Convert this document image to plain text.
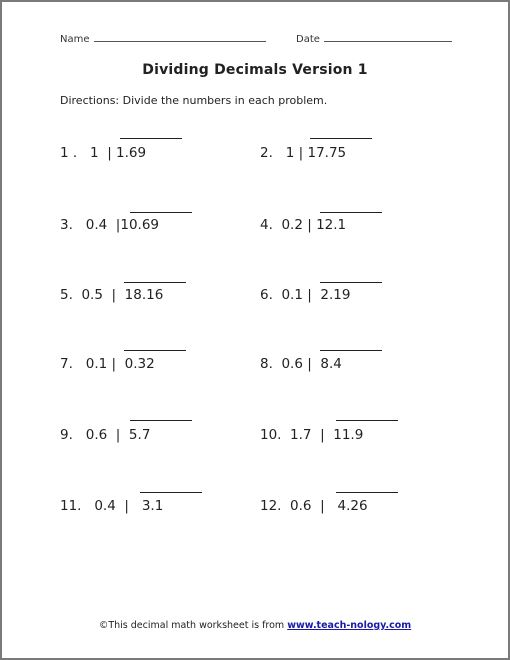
Name	Date
Dividing Decimals Version 1
Directions: Divide the numbers in each problem.
1 .   1  | 1.69	2.   1 | 17.75
3.   0.4  |10.69	4.  0.2 | 12.1
5.  0.5  |  18.16	6.  0.1 |  2.19
7.   0.1 |  0.32	8.  0.6 |  8.4
9.   0.6  |  5.7	10.  1.7  |  11.9
11.   0.4  |   3.1	12.  0.6  |   4.26
©This decimal math worksheet is from www.teach-nology.com
